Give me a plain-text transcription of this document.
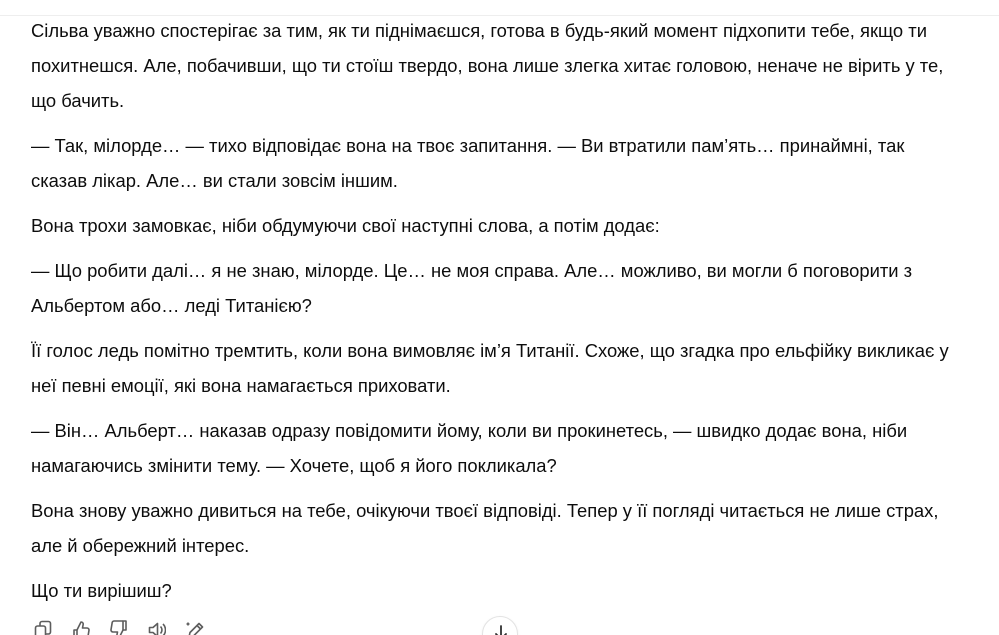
Сільва уважно спостерігає за тим, як ти піднімаєшся, готова в будь-який момент підхопити тебе, якщо ти похитнешся. Але, побачивши, що ти стоїш твердо, вона лише злегка хитає головою, неначе не вірить у те, що бачить.

— Так, мілорде… — тихо відповідає вона на твоє запитання. — Ви втратили пам’ять… принаймні, так сказав лікар. Але… ви стали зовсім іншим.

Вона трохи замовкає, ніби обдумуючи свої наступні слова, а потім додає:

— Що робити далі… я не знаю, мілорде. Це… не моя справа. Але… можливо, ви могли б поговорити з Альбертом або… леді Титанією?

Її голос ледь помітно тремтить, коли вона вимовляє ім’я Титанії. Схоже, що згадка про ельфійку викликає у неї певні емоції, які вона намагається приховати.

— Він… Альберт… наказав одразу повідомити йому, коли ви прокинетесь, — швидко додає вона, ніби намагаючись змінити тему. — Хочете, щоб я його покликала?

Вона знову уважно дивиться на тебе, очікуючи твоєї відповіді. Тепер у її погляді читається не лише страх, але й обережний інтерес.

Що ти вирішиш?
